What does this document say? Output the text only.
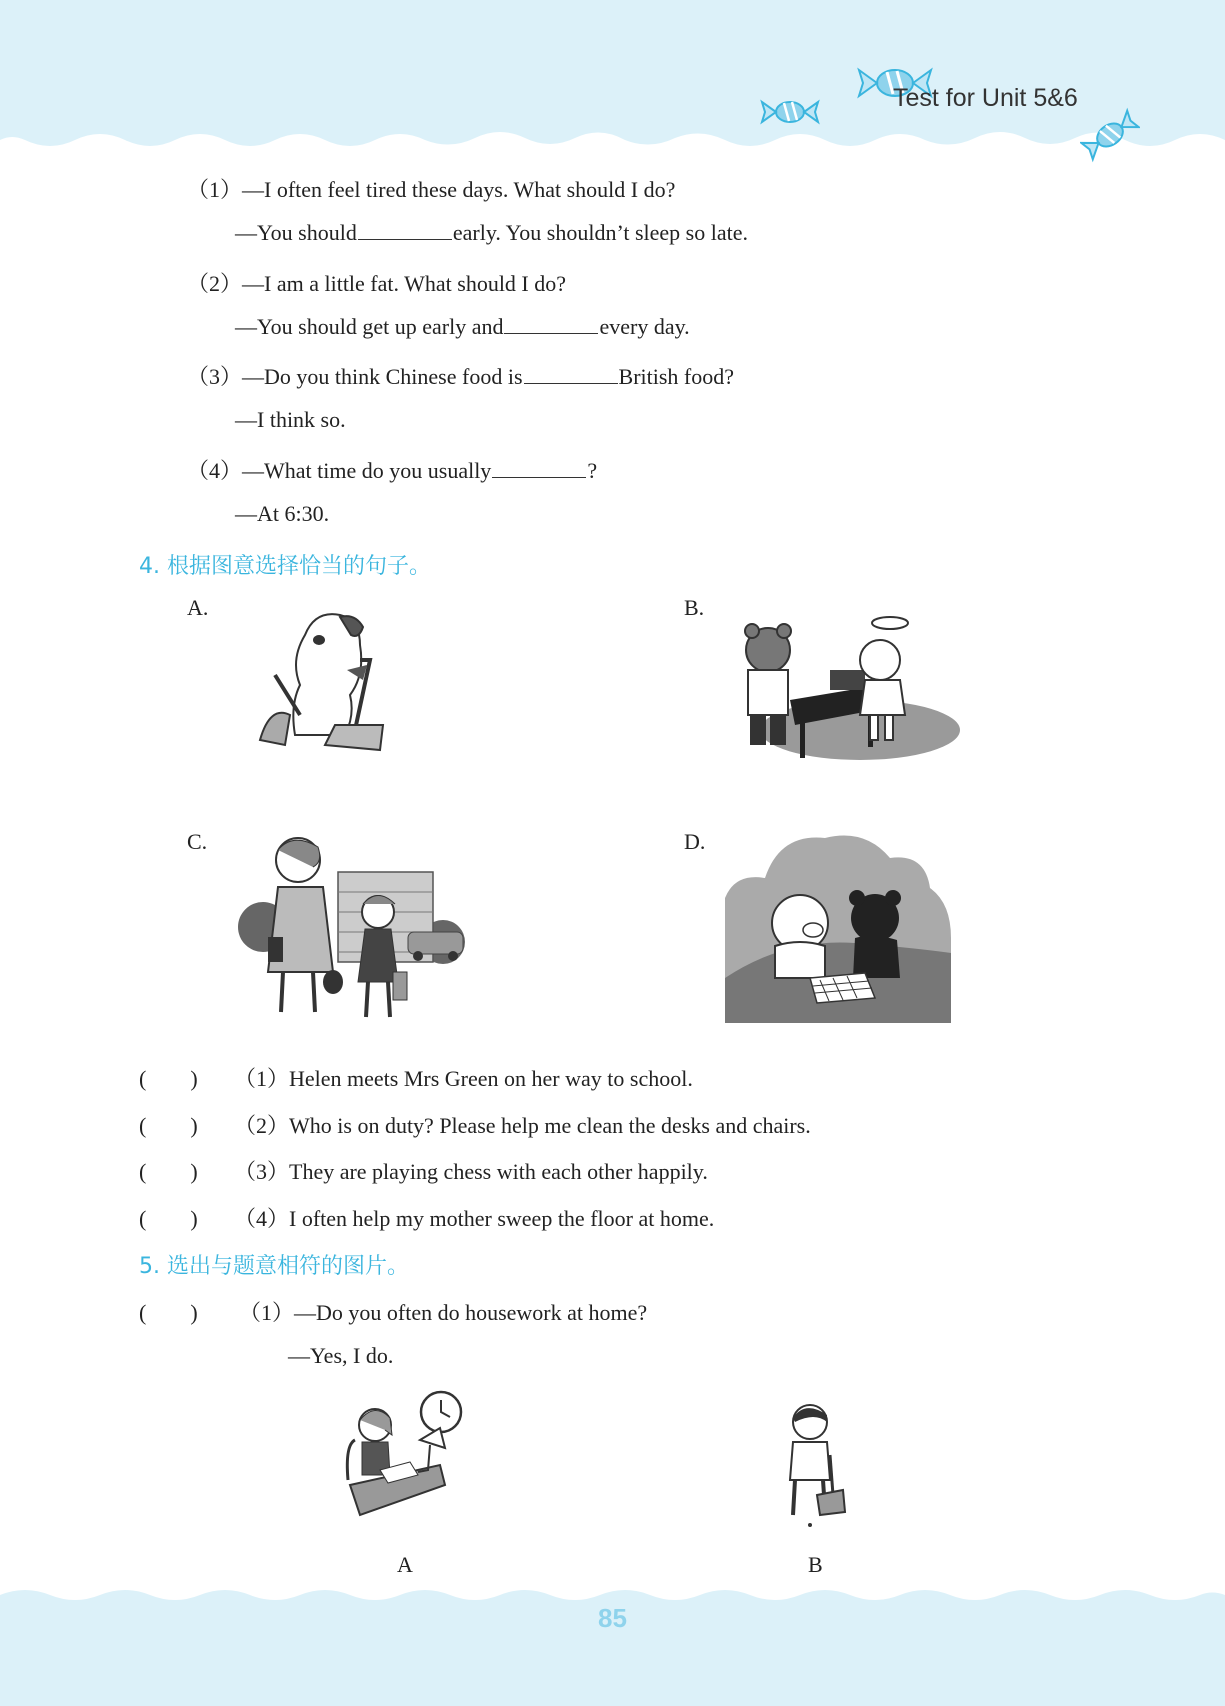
Test for Unit 5&6
（1）—I often feel tired these days. What should I do?
—You should	early. You shouldn’t sleep so late.
（2）—I am a little fat. What should I do?
—You should get up early and	every day.
（3）—Do you think Chinese food is	British food?
—I think so.
（4）—What time do you usually	?
—At 6:30.
4. 根据图意选择恰当的句子。
A.	B.
C.	D.
(　　) （1）Helen meets Mrs Green on her way to school.
(　　) （2）Who is on duty? Please help me clean the desks and chairs.
(　　) （3）They are playing chess with each other happily.
(　　) （4）I often help my mother sweep the floor at home.
5. 选出与题意相符的图片。
(　　) （1）—Do you often do housework at home?
—Yes, I do.
A	B
85
